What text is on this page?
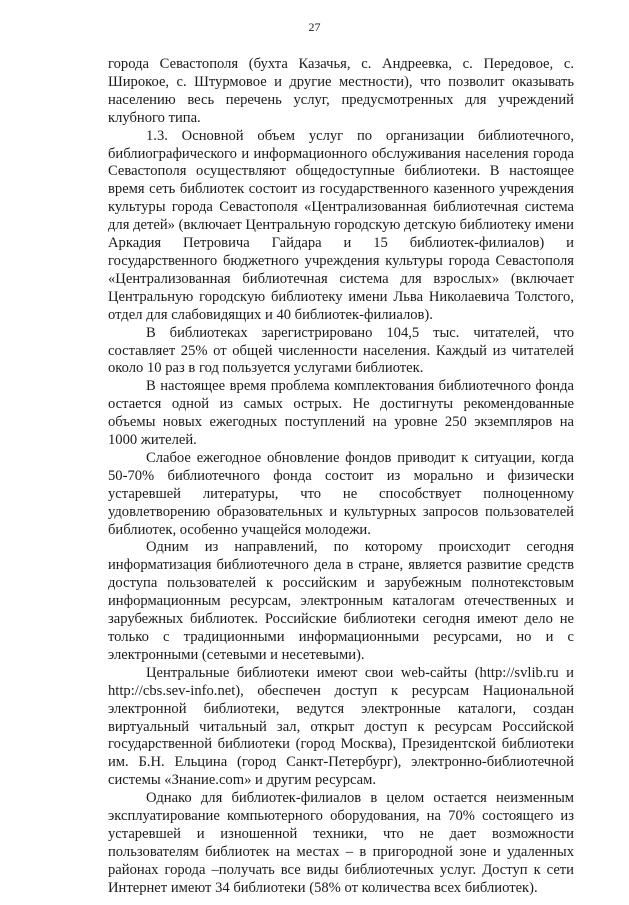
27

города Севастополя (бухта Казачья, с. Андреевка, с. Передовое, с. Широкое, с. Штурмовое и другие местности), что позволит оказывать населению весь перечень услуг, предусмотренных для учреждений клубного типа.

1.3. Основной объем услуг по организации библиотечного, библиографического и информационного обслуживания населения города Севастополя осуществляют общедоступные библиотеки. В настоящее время сеть библиотек состоит из государственного казенного учреждения культуры города Севастополя «Централизованная библиотечная система для детей» (включает Центральную городскую детскую библиотеку имени Аркадия Петровича Гайдара и 15 библиотек-филиалов) и государственного бюджетного учреждения культуры города Севастополя «Централизованная библиотечная система для взрослых» (включает Центральную городскую библиотеку имени Льва Николаевича Толстого, отдел для слабовидящих и 40 библиотек-филиалов).

В библиотеках зарегистрировано 104,5 тыс. читателей, что составляет 25% от общей численности населения. Каждый из читателей около 10 раз в год пользуется услугами библиотек.

В настоящее время проблема комплектования библиотечного фонда остается одной из самых острых. Не достигнуты рекомендованные объемы новых ежегодных поступлений на уровне 250 экземпляров на 1000 жителей.

Слабое ежегодное обновление фондов приводит к ситуации, когда 50-70% библиотечного фонда состоит из морально и физически устаревшей литературы, что не способствует полноценному удовлетворению образовательных и культурных запросов пользователей библиотек, особенно учащейся молодежи.

Одним из направлений, по которому происходит сегодня информатизация библиотечного дела в стране, является развитие средств доступа пользователей к российским и зарубежным полнотекстовым информационным ресурсам, электронным каталогам отечественных и зарубежных библиотек. Российские библиотеки сегодня имеют дело не только с традиционными информационными ресурсами, но и с электронными (сетевыми и несетевыми).

Центральные библиотеки имеют свои web-сайты (http://svlib.ru и http://cbs.sev-info.net), обеспечен доступ к ресурсам Национальной электронной библиотеки, ведутся электронные каталоги, создан виртуальный читальный зал, открыт доступ к ресурсам Российской государственной библиотеки (город Москва), Президентской библиотеки им. Б.Н. Ельцина (город Санкт-Петербург), электронно-библиотечной системы «Знание.com» и другим ресурсам.

Однако для библиотек-филиалов в целом остается неизменным эксплуатирование компьютерного оборудования, на 70% состоящего из устаревшей и изношенной техники, что не дает возможности пользователям библиотек на местах – в пригородной зоне и удаленных районах города –получать все виды библиотечных услуг. Доступ к сети Интернет имеют 34 библиотеки (58% от количества всех библиотек).
